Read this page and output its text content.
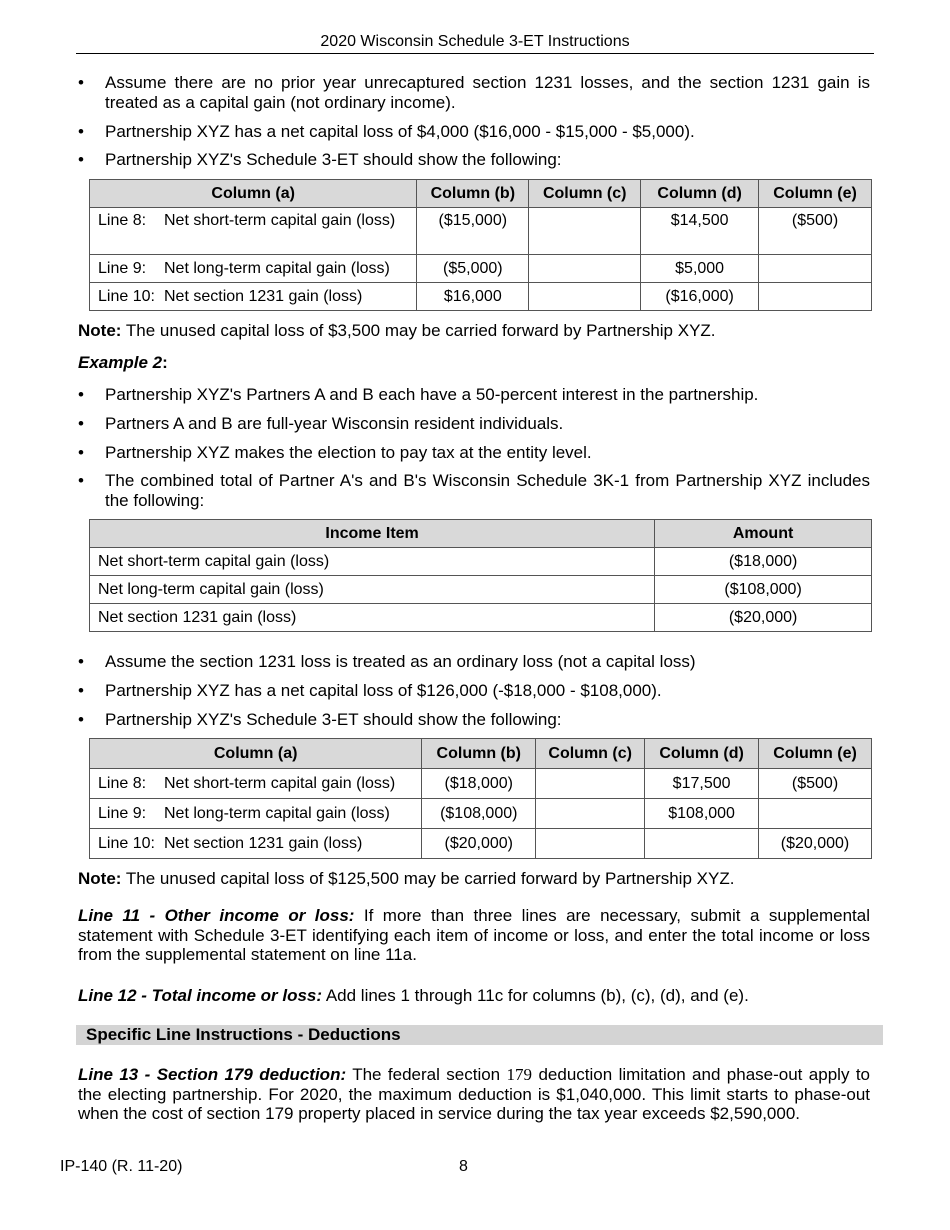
2020 Wisconsin Schedule 3-ET Instructions
• Assume there are no prior year unrecaptured section 1231 losses, and the section 1231 gain is treated as a capital gain (not ordinary income).
• Partnership XYZ has a net capital loss of $4,000 ($16,000 - $15,000 - $5,000).
• Partnership XYZ's Schedule 3-ET should show the following:
Column (a)	Column (b)	Column (c)	Column (d)	Column (e)
Line 8: Net short-term capital gain (loss)	($15,000)		$14,500	($500)
Line 9: Net long-term capital gain (loss)	($5,000)		$5,000	
Line 10: Net section 1231 gain (loss)	$16,000		($16,000)	
Note: The unused capital loss of $3,500 may be carried forward by Partnership XYZ.
Example 2:
• Partnership XYZ's Partners A and B each have a 50-percent interest in the partnership.
• Partners A and B are full-year Wisconsin resident individuals.
• Partnership XYZ makes the election to pay tax at the entity level.
• The combined total of Partner A's and B's Wisconsin Schedule 3K-1 from Partnership XYZ includes the following:
Income Item	Amount
Net short-term capital gain (loss)	($18,000)
Net long-term capital gain (loss)	($108,000)
Net section 1231 gain (loss)	($20,000)
• Assume the section 1231 loss is treated as an ordinary loss (not a capital loss)
• Partnership XYZ has a net capital loss of $126,000 (-$18,000 - $108,000).
• Partnership XYZ's Schedule 3-ET should show the following:
Column (a)	Column (b)	Column (c)	Column (d)	Column (e)
Line 8: Net short-term capital gain (loss)	($18,000)		$17,500	($500)
Line 9: Net long-term capital gain (loss)	($108,000)		$108,000	
Line 10: Net section 1231 gain (loss)	($20,000)			($20,000)
Note: The unused capital loss of $125,500 may be carried forward by Partnership XYZ.
Line 11 - Other income or loss: If more than three lines are necessary, submit a supplemental statement with Schedule 3-ET identifying each item of income or loss, and enter the total income or loss from the supplemental statement on line 11a.
Line 12 - Total income or loss: Add lines 1 through 11c for columns (b), (c), (d), and (e).
Specific Line Instructions - Deductions
Line 13 - Section 179 deduction: The federal section 179 deduction limitation and phase-out apply to the electing partnership. For 2020, the maximum deduction is $1,040,000. This limit starts to phase-out when the cost of section 179 property placed in service during the tax year exceeds $2,590,000.
IP-140 (R. 11-20)	8
